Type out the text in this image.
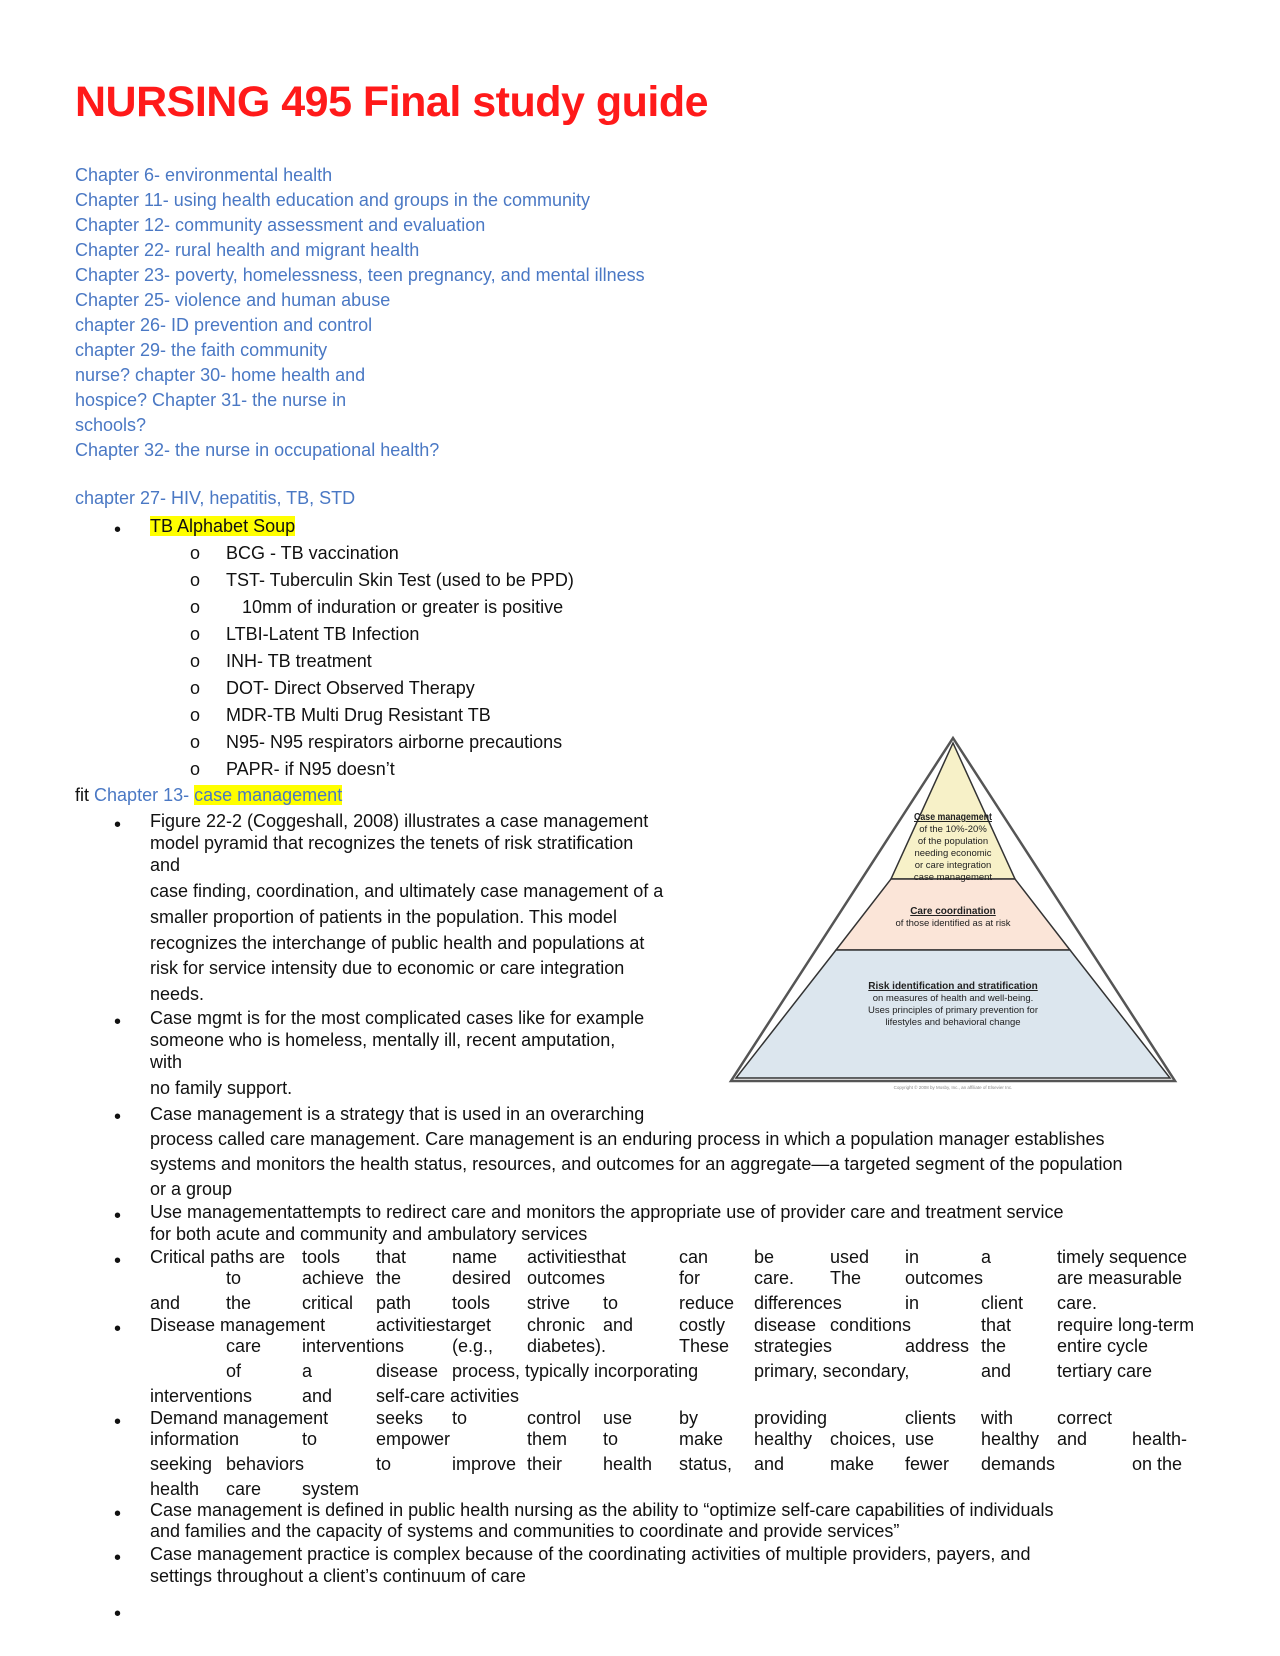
NURSING 495 Final study guide
Chapter 6- environmental health
Chapter 11- using health education and groups in the community
Chapter 12- community assessment and evaluation
Chapter 22- rural health and migrant health
Chapter 23- poverty, homelessness, teen pregnancy, and mental illness
Chapter 25- violence and human abuse
chapter 26- ID prevention and control
chapter 29- the faith community
nurse? chapter 30- home health and
hospice? Chapter 31- the nurse in
schools?
Chapter 32- the nurse in occupational health?
chapter 27- HIV, hepatitis, TB, STD
• TB Alphabet Soup
o BCG - TB vaccination
o TST- Tuberculin Skin Test (used to be PPD)
o 10mm of induration or greater is positive
o LTBI-Latent TB Infection
o INH- TB treatment
o DOT- Direct Observed Therapy
o MDR-TB Multi Drug Resistant TB
o N95- N95 respirators airborne precautions
o PAPR- if N95 doesn’t
fit Chapter 13- case management
• Figure 22-2 (Coggeshall, 2008) illustrates a case management
model pyramid that recognizes the tenets of risk stratification
and
case finding, coordination, and ultimately case management of a
smaller proportion of patients in the population. This model
recognizes the interchange of public health and populations at
risk for service intensity due to economic or care integration
needs.
• Case mgmt is for the most complicated cases like for example
someone who is homeless, mentally ill, recent amputation,
with
no family support.
• Case management is a strategy that is used in an overarching
process called care management. Care management is an enduring process in which a population manager establishes
systems and monitors the health status, resources, and outcomes for an aggregate—a targeted segment of the population
or a group
• Use managementattempts to redirect care and monitors the appropriate use of provider care and treatment service
for both acute and community and ambulatory services
• Critical paths are tools that	name activitiesthat	can	be	used in	a	timely sequence
to	achieve the	desired outcomes	for	care. The outcomes	are measurable
and	the	critical path tools strive to	reduce differences	in	client care.
• Disease management	activitiestarget chronic and	costly disease conditions	that	require long-term
care interventions	(e.g., diabetes).	These strategies	address the	entire cycle
of	a	disease process, typically incorporating	primary, secondary,	and	tertiary care
interventions	and self-care activities
• Demand management	seeks to	control use	by	providing	clients with correct
information	to	empower	them to	make healthy choices, use	healthy and health-
seeking behaviors	to	improve their health status, and	make fewer demands	on the
health care system
• Case management is defined in public health nursing as the ability to “optimize self-care capabilities of individuals
and families and the capacity of systems and communities to coordinate and provide services”
• Case management practice is complex because of the coordinating activities of multiple providers, payers, and
settings throughout a client’s continuum of care
•
Case management
of the 10%-20%
of the population
needing economic
or care integration
case management
Care coordination
of those identified as at risk
Risk identification and stratification
on measures of health and well-being.
Uses principles of primary prevention for
lifestyles and behavioral change
Copyright © 2008 by Mosby, Inc., an affiliate of Elsevier Inc.
